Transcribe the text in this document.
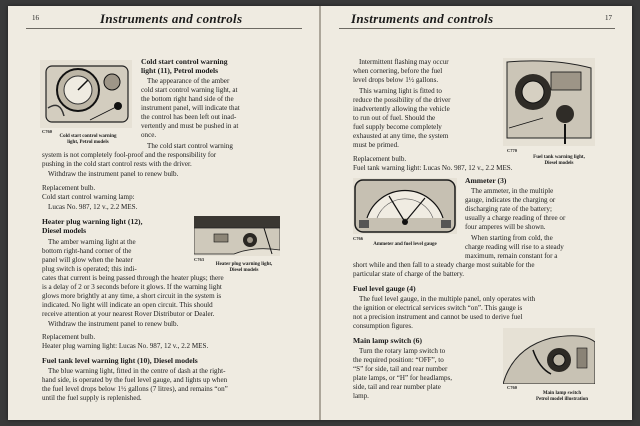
16	Instruments and controls
C760
Cold start control warning
light, Petrol models
Cold start control warning
light (11), Petrol models
The appearance of the amber
cold start control warning light, at
the bottom right hand side of the
instrument panel, will indicate that
the control has been left out inad-
vertently and must be pushed in at
once.
The cold start control warning
system is not completely fool-proof and the responsibility for
pushing in the cold start control rests with the driver.
Withdraw the instrument panel to renew bulb.
Replacement bulb.
Cold start control warning lamp:
Lucas No. 987, 12 v., 2.2 MES.
Heater plug warning light (12),
Diesel models
The amber warning light at the
bottom right-hand corner of the
panel will glow when the heater
plug switch is operated; this indi-
cates that current is being passed through the heater plugs; there
is a delay of 2 or 3 seconds before it glows. If the warning light
glows more brightly at any time, a short circuit in the system is
indicated. No light will indicate an open circuit. This should
receive attention at your nearest Rover Distributor or Dealer.
C763
Heater plug warning light,
Diesel models
Withdraw the instrument panel to renew bulb.
Replacement bulb.
Heater plug warning light: Lucas No. 987, 12 v., 2.2 MES.
Fuel tank level warning light (10), Diesel models
The blue warning light, fitted in the centre of dash at the right-
hand side, is operated by the fuel level gauge, and lights up when
the fuel level drops below 1½ gallons (7 litres), and remains “on”
until the fuel supply is replenished.
Instruments and controls	17
Intermittent flashing may occur
when cornering, before the fuel
level drops below 1½ gallons.
This warning light is fitted to
reduce the possibility of the driver
inadvertently allowing the vehicle
to run out of fuel. Should the
fuel supply become completely
exhausted at any time, the system
must be primed.
Replacement bulb.
Fuel tank warning light: Lucas No. 987, 12 v., 2.2 MES.
C770
Fuel tank warning light,
Diesel models
C766
Ammeter and fuel level gauge
Ammeter (3)
The ammeter, in the multiple
gauge, indicates the charging or
discharging rate of the battery;
usually a charge reading of three or
four amperes will be shown.
When starting from cold, the
charge reading will rise to a steady
maximum, remain constant for a
short while and then fall to a steady charge most suitable for the
particular state of charge of the battery.
Fuel level gauge (4)
The fuel level gauge, in the multiple panel, only operates with
the ignition or electrical services switch “on”. This gauge is
not a precision instrument and cannot be used to derive fuel
consumption figures.
Main lamp switch (6)
Turn the rotary lamp switch to
the required position: “OFF”, to
“S” for side, tail and rear number
plate lamps, or “H” for headlamps,
side, tail and rear number plate
lamp.
C760
Main lamp switch
Petrol model illustration
